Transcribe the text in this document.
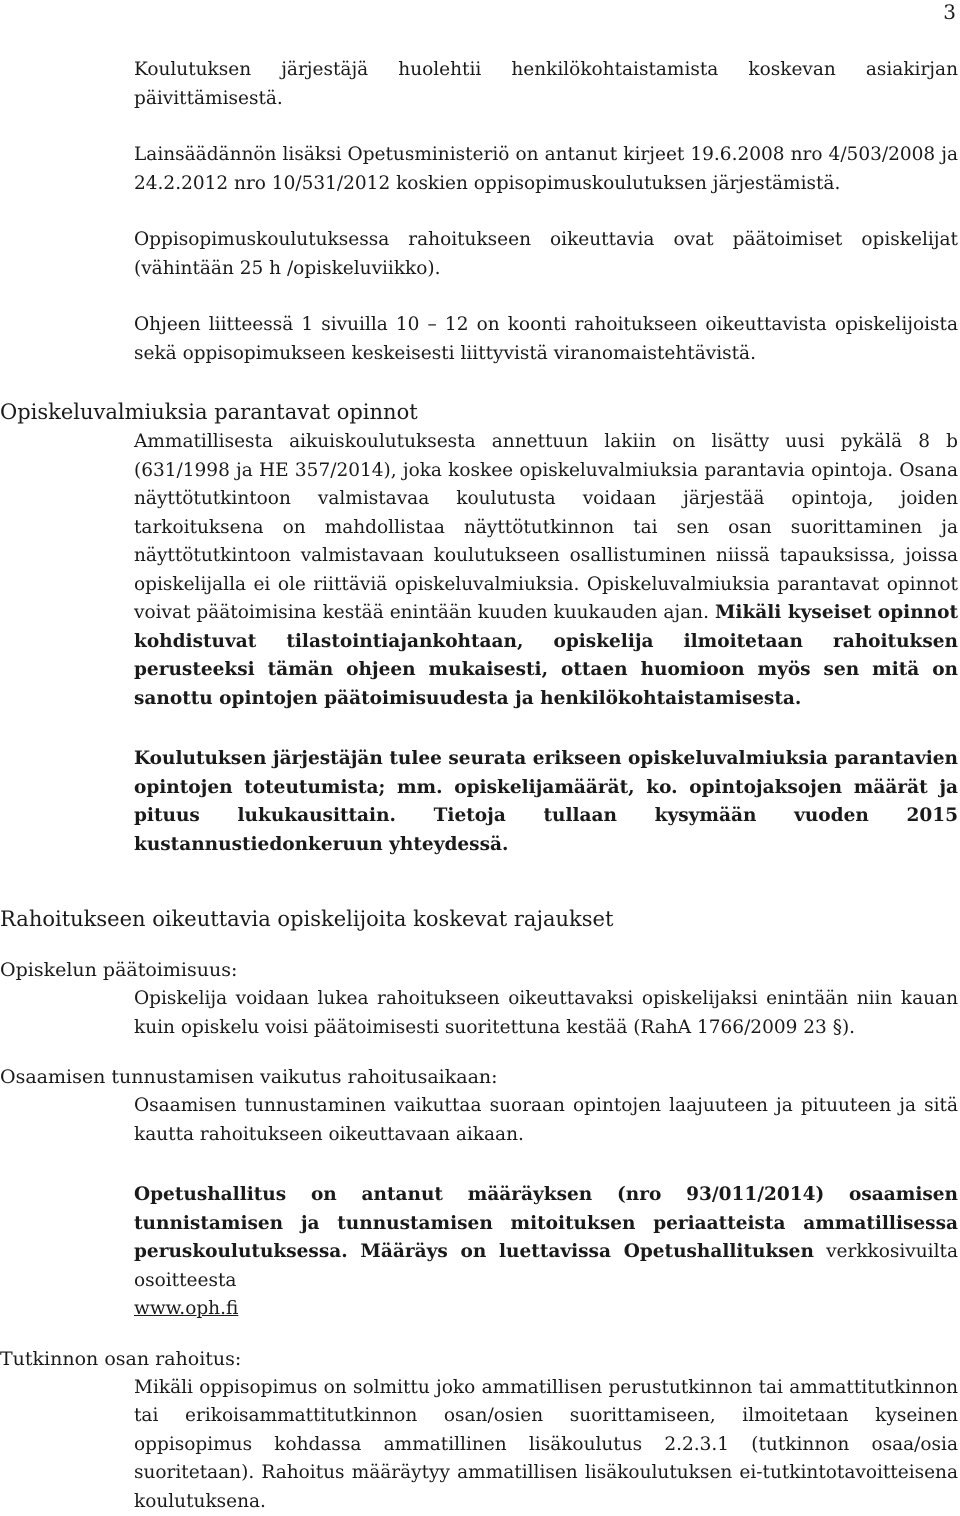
3

Koulutuksen järjestäjä huolehtii henkilökohtaistamista koskevan asiakirjan päivittämisestä.

Lainsäädännön lisäksi Opetusministeriö on antanut kirjeet 19.6.2008 nro 4/503/2008 ja 24.2.2012 nro 10/531/2012 koskien oppisopimuskoulutuksen järjestämistä.

Oppisopimuskoulutuksessa rahoitukseen oikeuttavia ovat päätoimiset opiskelijat (vähintään 25 h /opiskeluviikko).

Ohjeen liitteessä 1 sivuilla 10 – 12 on koonti rahoitukseen oikeuttavista opiskelijoista sekä oppisopimukseen keskeisesti liittyvistä viranomaistehtävistä.

Opiskeluvalmiuksia parantavat opinnot
Ammatillisesta aikuiskoulutuksesta annettuun lakiin on lisätty uusi pykälä 8 b (631/1998 ja HE 357/2014), joka koskee opiskeluvalmiuksia parantavia opintoja. Osana näyttötutkintoon valmistavaa koulutusta voidaan järjestää opintoja, joiden tarkoituksena on mahdollistaa näyttötutkinnon tai sen osan suorittaminen ja näyttötutkintoon valmistavaan koulutukseen osallistuminen niissä tapauksissa, joissa opiskelijalla ei ole riittäviä opiskeluvalmiuksia. Opiskeluvalmiuksia parantavat opinnot voivat päätoimisina kestää enintään kuuden kuukauden ajan. Mikäli kyseiset opinnot kohdistuvat tilastointiajankohtaan, opiskelija ilmoitetaan rahoituksen perusteeksi tämän ohjeen mukaisesti, ottaen huomioon myös sen mitä on sanottu opintojen päätoimisuudesta ja henkilökohtaistamisesta.
Koulutuksen järjestäjän tulee seurata erikseen opiskeluvalmiuksia parantavien opintojen toteutumista; mm. opiskelijamäärät, ko. opintojaksojen määrät ja pituus lukukausittain. Tietoja tullaan kysymään vuoden 2015 kustannustiedonkeruun yhteydessä.
Rahoitukseen oikeuttavia opiskelijoita koskevat rajaukset
Opiskelun päätoimisuus:
Opiskelija voidaan lukea rahoitukseen oikeuttavaksi opiskelijaksi enintään niin kauan kuin opiskelu voisi päätoimisesti suoritettuna kestää (RahA 1766/2009 23 §).
Osaamisen tunnustamisen vaikutus rahoitusaikaan:
Osaamisen tunnustaminen vaikuttaa suoraan opintojen laajuuteen ja pituuteen ja sitä kautta rahoitukseen oikeuttavaan aikaan.
Opetushallitus on antanut määräyksen (nro 93/011/2014) osaamisen tunnistamisen ja tunnustamisen mitoituksen periaatteista ammatillisessa peruskoulutuksessa. Määräys on luettavissa Opetushallituksen verkkosivuilta osoitteesta
www.oph.fi
Tutkinnon osan rahoitus:
Mikäli oppisopimus on solmittu joko ammatillisen perustutkinnon tai ammattitutkinnon tai erikoisammattitutkinnon osan/osien suorittamiseen, ilmoitetaan kyseinen oppisopimus kohdassa ammatillinen lisäkoulutus 2.2.3.1 (tutkinnon osaa/osia suoritetaan). Rahoitus määräytyy ammatillisen lisäkoulutuksen ei-tutkintotavoitteisena koulutuksena.
